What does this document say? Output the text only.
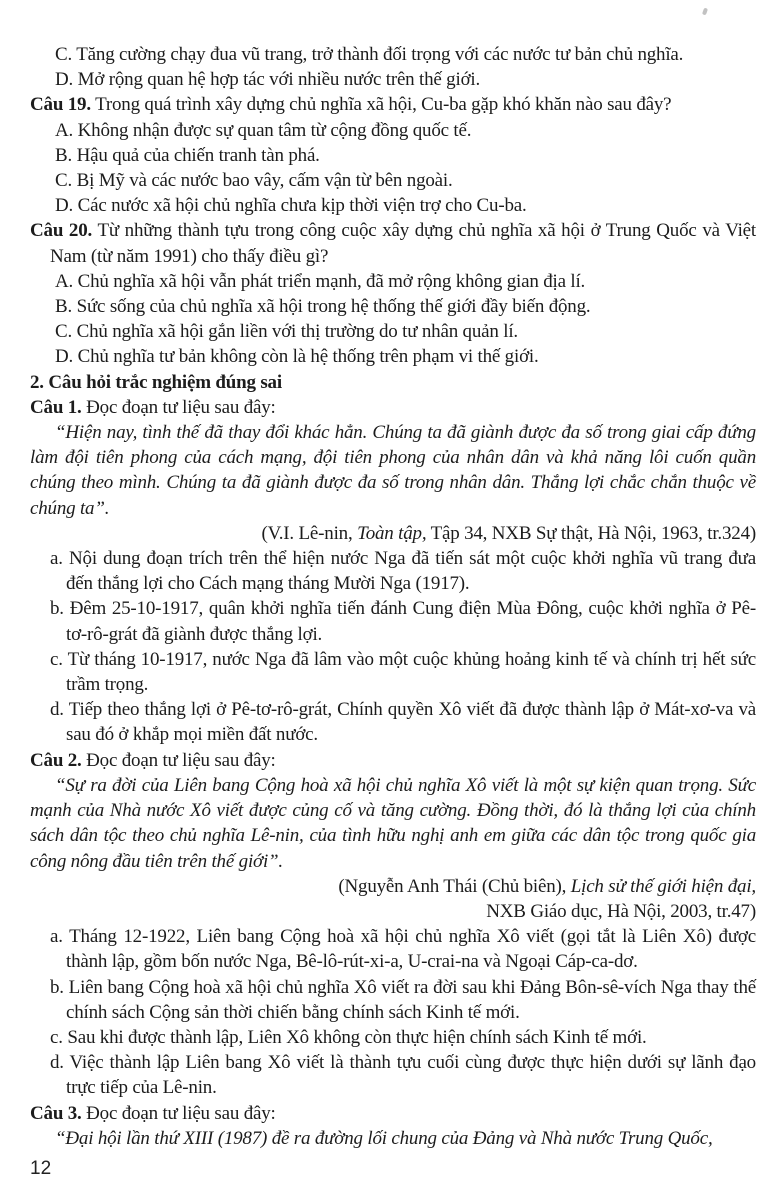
C. Tăng cường chạy đua vũ trang, trở thành đối trọng với các nước tư bản chủ nghĩa.
D. Mở rộng quan hệ hợp tác với nhiều nước trên thế giới.
Câu 19. Trong quá trình xây dựng chủ nghĩa xã hội, Cu-ba gặp khó khăn nào sau đây?
A. Không nhận được sự quan tâm từ cộng đồng quốc tế.
B. Hậu quả của chiến tranh tàn phá.
C. Bị Mỹ và các nước bao vây, cấm vận từ bên ngoài.
D. Các nước xã hội chủ nghĩa chưa kịp thời viện trợ cho Cu-ba.
Câu 20. Từ những thành tựu trong công cuộc xây dựng chủ nghĩa xã hội ở Trung Quốc và Việt Nam (từ năm 1991) cho thấy điều gì?
A. Chủ nghĩa xã hội vẫn phát triển mạnh, đã mở rộng không gian địa lí.
B. Sức sống của chủ nghĩa xã hội trong hệ thống thế giới đầy biến động.
C. Chủ nghĩa xã hội gắn liền với thị trường do tư nhân quản lí.
D. Chủ nghĩa tư bản không còn là hệ thống trên phạm vi thế giới.
2. Câu hỏi trắc nghiệm đúng sai
Câu 1. Đọc đoạn tư liệu sau đây:
“Hiện nay, tình thế đã thay đổi khác hẳn. Chúng ta đã giành được đa số trong giai cấp đứng làm đội tiên phong của cách mạng, đội tiên phong của nhân dân và khả năng lôi cuốn quần chúng theo mình. Chúng ta đã giành được đa số trong nhân dân. Thắng lợi chắc chắn thuộc về chúng ta”.
(V.I. Lê-nin, Toàn tập, Tập 34, NXB Sự thật, Hà Nội, 1963, tr.324)
a. Nội dung đoạn trích trên thể hiện nước Nga đã tiến sát một cuộc khởi nghĩa vũ trang đưa đến thắng lợi cho Cách mạng tháng Mười Nga (1917).
b. Đêm 25-10-1917, quân khởi nghĩa tiến đánh Cung điện Mùa Đông, cuộc khởi nghĩa ở Pê-tơ-rô-grát đã giành được thắng lợi.
c. Từ tháng 10-1917, nước Nga đã lâm vào một cuộc khủng hoảng kinh tế và chính trị hết sức trầm trọng.
d. Tiếp theo thắng lợi ở Pê-tơ-rô-grát, Chính quyền Xô viết đã được thành lập ở Mát-xơ-va và sau đó ở khắp mọi miền đất nước.
Câu 2. Đọc đoạn tư liệu sau đây:
“Sự ra đời của Liên bang Cộng hoà xã hội chủ nghĩa Xô viết là một sự kiện quan trọng. Sức mạnh của Nhà nước Xô viết được củng cố và tăng cường. Đồng thời, đó là thắng lợi của chính sách dân tộc theo chủ nghĩa Lê-nin, của tình hữu nghị anh em giữa các dân tộc trong quốc gia công nông đầu tiên trên thế giới”.
(Nguyễn Anh Thái (Chủ biên), Lịch sử thế giới hiện đại,
NXB Giáo dục, Hà Nội, 2003, tr.47)
a. Tháng 12-1922, Liên bang Cộng hoà xã hội chủ nghĩa Xô viết (gọi tắt là Liên Xô) được thành lập, gồm bốn nước Nga, Bê-lô-rút-xi-a, U-crai-na và Ngoại Cáp-ca-dơ.
b. Liên bang Cộng hoà xã hội chủ nghĩa Xô viết ra đời sau khi Đảng Bôn-sê-vích Nga thay thế chính sách Cộng sản thời chiến bằng chính sách Kinh tế mới.
c. Sau khi được thành lập, Liên Xô không còn thực hiện chính sách Kinh tế mới.
d. Việc thành lập Liên bang Xô viết là thành tựu cuối cùng được thực hiện dưới sự lãnh đạo trực tiếp của Lê-nin.
Câu 3. Đọc đoạn tư liệu sau đây:
“Đại hội lần thứ XIII (1987) đề ra đường lối chung của Đảng và Nhà nước Trung Quốc,
12
